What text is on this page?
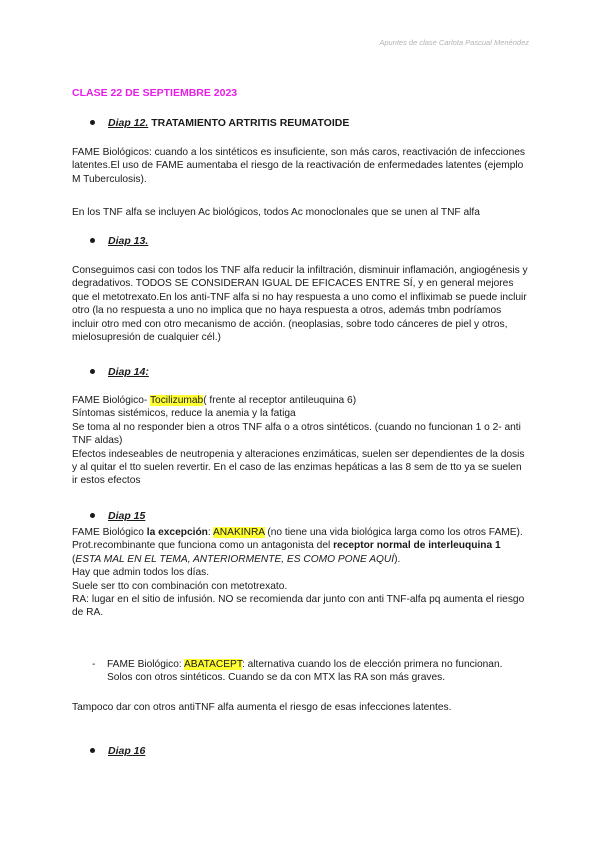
Apuntes de clase Carlota Pascual Menéndez
CLASE 22 DE SEPTIEMBRE 2023
Diap 12. TRATAMIENTO ARTRITIS REUMATOIDE
FAME Biológicos: cuando a los sintéticos es insuficiente, son más caros, reactivación de infecciones latentes.El uso de FAME aumentaba el riesgo de la reactivación de enfermedades latentes (ejemplo M Tuberculosis).
En los TNF alfa se incluyen Ac biológicos, todos Ac monoclonales que se unen al TNF alfa
Diap 13.
Conseguimos casi con todos los TNF alfa reducir la infiltración, disminuir inflamación, angiogénesis y degradativos. TODOS SE CONSIDERAN IGUAL DE EFICACES ENTRE SÍ, y en general mejores que el metotrexato.En los anti-TNF alfa si no hay respuesta a uno como el infliximab se puede incluir otro (la no respuesta a uno no implica que no haya respuesta a otros, además tmbn podríamos incluir otro med con otro mecanismo de acción. (neoplasias, sobre todo cánceres de piel y otros, mielosupresión de cualquier cél.)
Diap 14:
FAME Biológico- Tocilizumab( frente al receptor antileuquina 6)
Síntomas sistémicos, reduce la anemia y la fatiga
Se toma al no responder bien a otros TNF alfa o a otros sintéticos. (cuando no funcionan 1 o 2- anti TNF aldas)
Efectos indeseables de neutropenia y alteraciones enzimáticas, suelen ser dependientes de la dosis y al quitar el tto suelen revertir. En el caso de las enzimas hepáticas a las 8 sem de tto ya se suelen ir estos efectos
Diap 15
FAME Biológico la excepción: ANAKINRA (no tiene una vida biológica larga como los otros FAME).
Prot.recombinante que funciona como un antagonista del receptor normal de interleuquina 1 (ESTA MAL EN EL TEMA, ANTERIORMENTE, ES COMO PONE AQUÍ).
Hay que admin todos los días.
Suele ser tto con combinación con metotrexato.
RA: lugar en el sitio de infusión. NO se recomienda dar junto con anti TNF-alfa pq aumenta el riesgo de RA.
- FAME Biológico: ABATACEPT: alternativa cuando los de elección primera no funcionan. Solos con otros sintéticos. Cuando se da con MTX las RA son más graves.
Tampoco dar con otros antiTNF alfa aumenta el riesgo de esas infecciones latentes.
Diap 16
